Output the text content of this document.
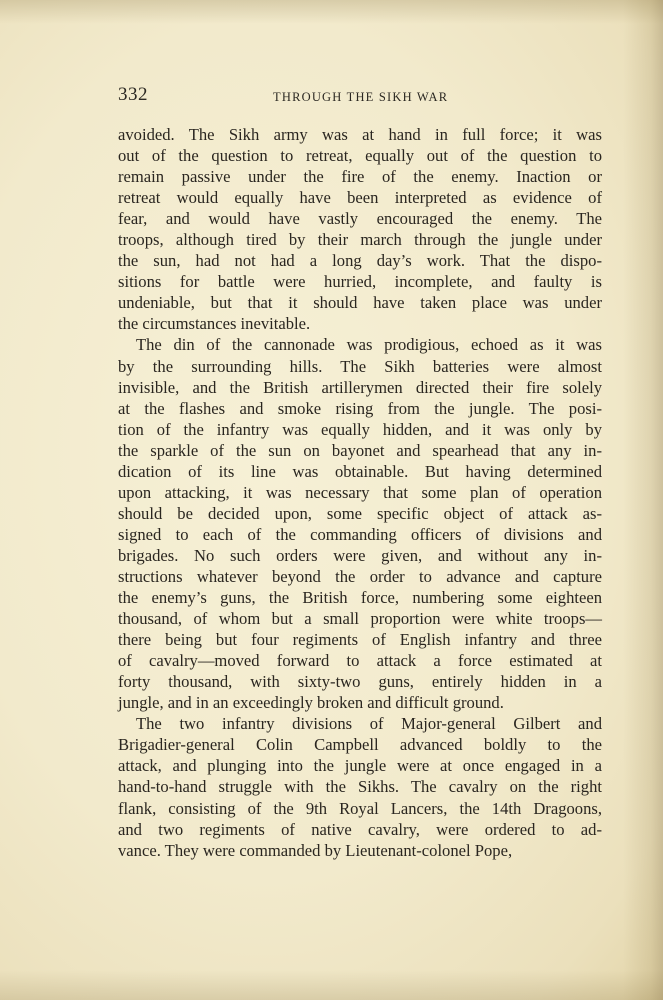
332	THROUGH THE SIKH WAR

avoided. The Sikh army was at hand in full force; it was
out of the question to retreat, equally out of the question to
remain passive under the fire of the enemy. Inaction or
retreat would equally have been interpreted as evidence of
fear, and would have vastly encouraged the enemy. The
troops, although tired by their march through the jungle under
the sun, had not had a long day’s work. That the dispo-
sitions for battle were hurried, incomplete, and faulty is
undeniable, but that it should have taken place was under
the circumstances inevitable.

The din of the cannonade was prodigious, echoed as it was
by the surrounding hills. The Sikh batteries were almost
invisible, and the British artillerymen directed their fire solely
at the flashes and smoke rising from the jungle. The posi-
tion of the infantry was equally hidden, and it was only by
the sparkle of the sun on bayonet and spearhead that any in-
dication of its line was obtainable. But having determined
upon attacking, it was necessary that some plan of operation
should be decided upon, some specific object of attack as-
signed to each of the commanding officers of divisions and
brigades. No such orders were given, and without any in-
structions whatever beyond the order to advance and capture
the enemy’s guns, the British force, numbering some eighteen
thousand, of whom but a small proportion were white troops—
there being but four regiments of English infantry and three
of cavalry—moved forward to attack a force estimated at
forty thousand, with sixty-two guns, entirely hidden in a
jungle, and in an exceedingly broken and difficult ground.

The two infantry divisions of Major-general Gilbert and
Brigadier-general Colin Campbell advanced boldly to the
attack, and plunging into the jungle were at once engaged in a
hand-to-hand struggle with the Sikhs. The cavalry on the right
flank, consisting of the 9th Royal Lancers, the 14th Dragoons,
and two regiments of native cavalry, were ordered to ad-
vance. They were commanded by Lieutenant-colonel Pope,
